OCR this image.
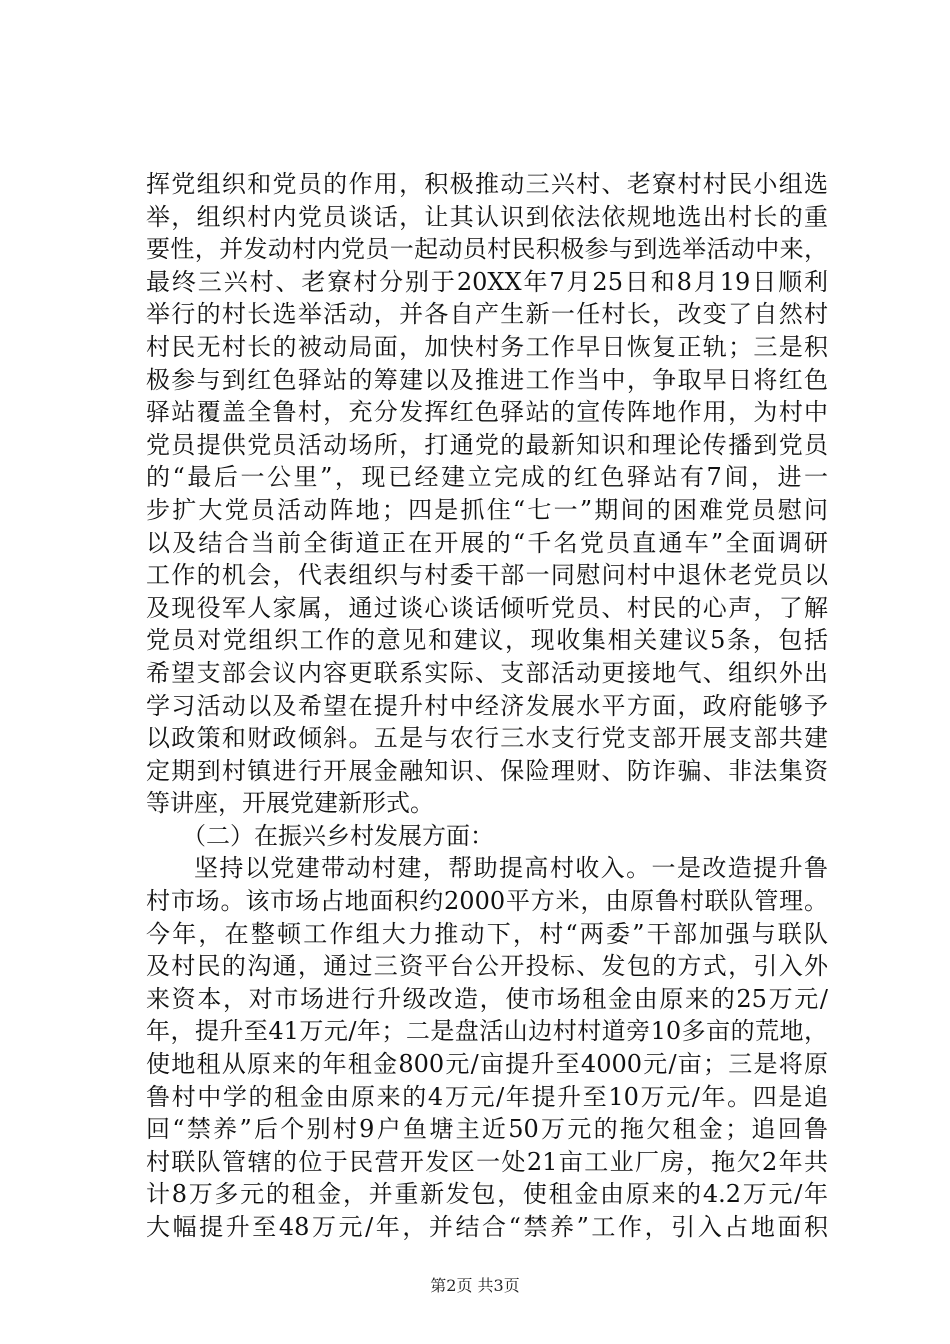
挥党组织和党员的作用，积极推动三兴村、老寮村村民小组选
举，组织村内党员谈话，让其认识到依法依规地选出村长的重
要性，并发动村内党员一起动员村民积极参与到选举活动中来，
最终三兴村、老寮村分别于20XX年7月25日和8月19日顺利
举行的村长选举活动，并各自产生新一任村长，改变了自然村
村民无村长的被动局面，加快村务工作早日恢复正轨；三是积
极参与到红色驿站的筹建以及推进工作当中，争取早日将红色
驿站覆盖全鲁村，充分发挥红色驿站的宣传阵地作用，为村中
党员提供党员活动场所，打通党的最新知识和理论传播到党员
的“最后一公里”，现已经建立完成的红色驿站有7间，进一
步扩大党员活动阵地；四是抓住“七一”期间的困难党员慰问
以及结合当前全街道正在开展的“千名党员直通车”全面调研
工作的机会，代表组织与村委干部一同慰问村中退休老党员以
及现役军人家属，通过谈心谈话倾听党员、村民的心声，了解
党员对党组织工作的意见和建议，现收集相关建议5条，包括
希望支部会议内容更联系实际、支部活动更接地气、组织外出
学习活动以及希望在提升村中经济发展水平方面，政府能够予
以政策和财政倾斜。五是与农行三水支行党支部开展支部共建
定期到村镇进行开展金融知识、保险理财、防诈骗、非法集资
等讲座，开展党建新形式。
（二）在振兴乡村发展方面：
坚持以党建带动村建，帮助提高村收入。一是改造提升鲁
村市场。该市场占地面积约2000平方米，由原鲁村联队管理。
今年，在整顿工作组大力推动下，村“两委”干部加强与联队
及村民的沟通，通过三资平台公开投标、发包的方式，引入外
来资本，对市场进行升级改造，使市场租金由原来的25万元/
年，提升至41万元/年；二是盘活山边村村道旁10多亩的荒地，
使地租从原来的年租金800元/亩提升至4000元/亩；三是将原
鲁村中学的租金由原来的4万元/年提升至10万元/年。四是追
回“禁养”后个别村9户鱼塘主近50万元的拖欠租金；追回鲁
村联队管辖的位于民营开发区一处21亩工业厂房，拖欠2年共
计8万多元的租金，并重新发包，使租金由原来的4.2万元/年
大幅提升至48万元/年，并结合“禁养”工作，引入占地面积
第2页 共3页
